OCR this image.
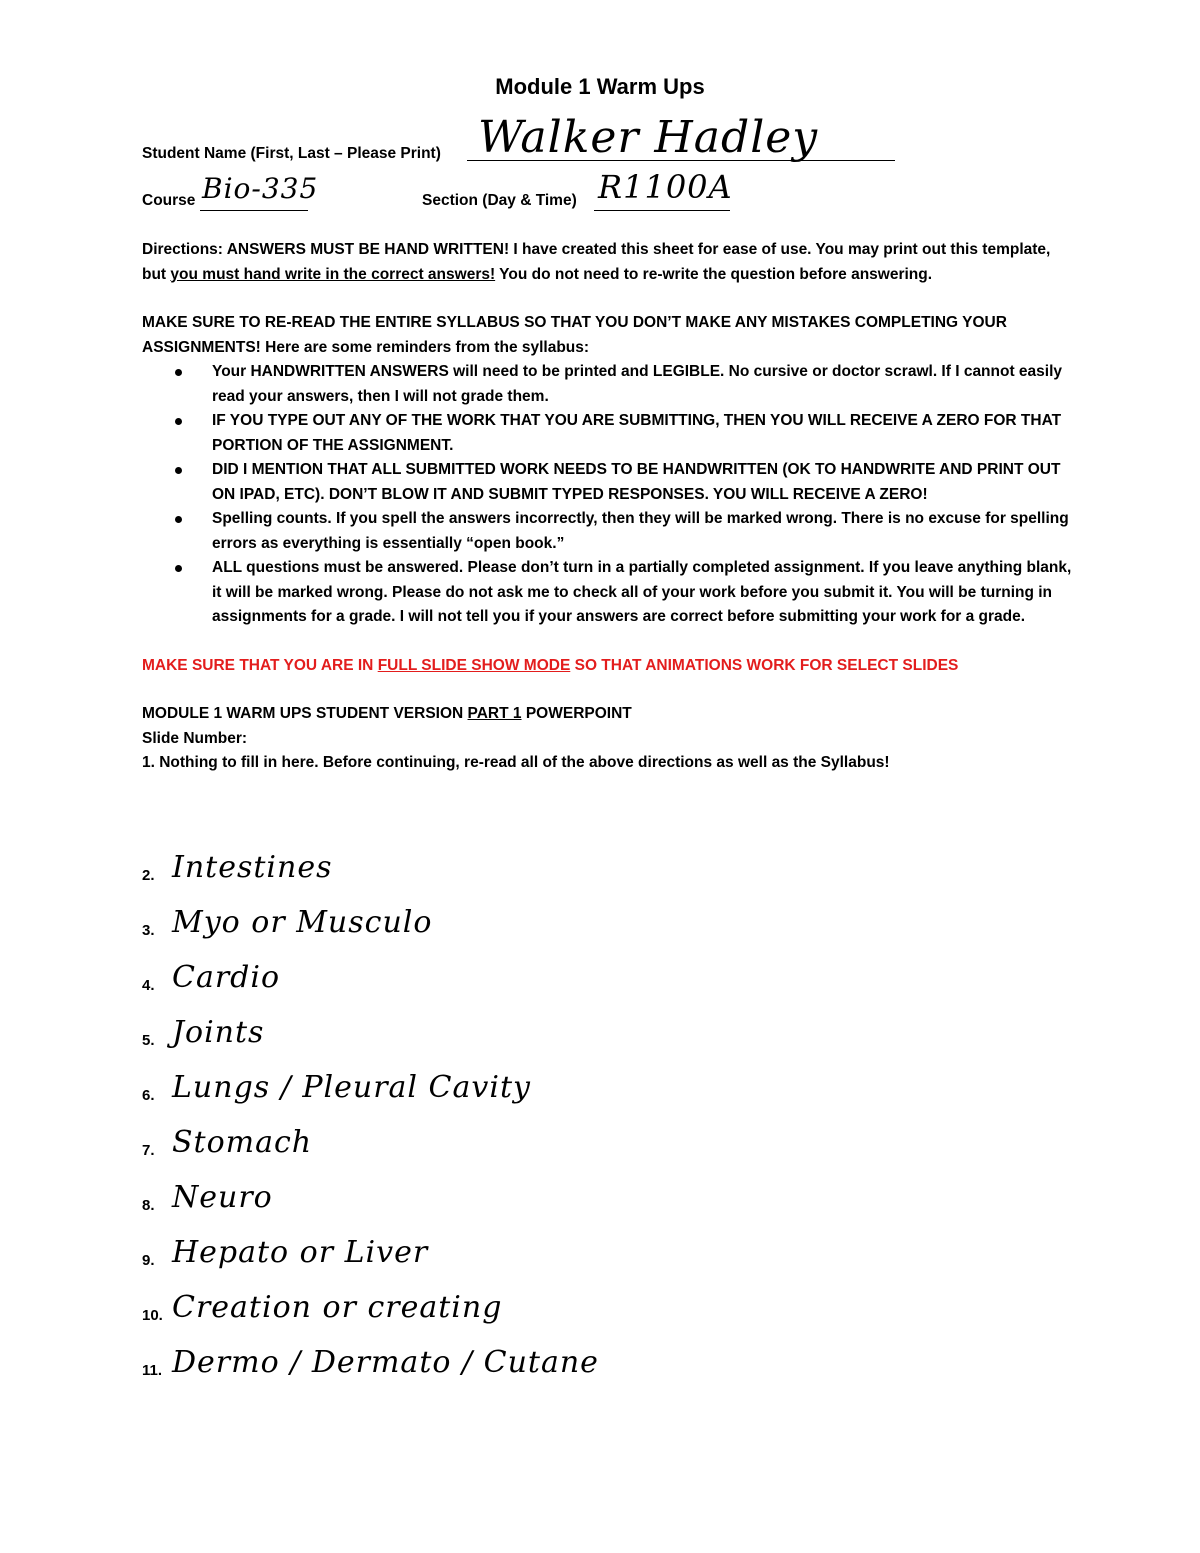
Module 1 Warm Ups
Student Name (First, Last – Please Print) Walker Hadley
Course Bio-335	Section (Day & Time) R1100A

Directions: ANSWERS MUST BE HAND WRITTEN! I have created this sheet for ease of use. You may print out this template, but you must hand write in the correct answers! You do not need to re-write the question before answering.

MAKE SURE TO RE-READ THE ENTIRE SYLLABUS SO THAT YOU DON’T MAKE ANY MISTAKES COMPLETING YOUR ASSIGNMENTS! Here are some reminders from the syllabus:

Your HANDWRITTEN ANSWERS will need to be printed and LEGIBLE. No cursive or doctor scrawl. If I cannot easily read your answers, then I will not grade them.
IF YOU TYPE OUT ANY OF THE WORK THAT YOU ARE SUBMITTING, THEN YOU WILL RECEIVE A ZERO FOR THAT PORTION OF THE ASSIGNMENT.
DID I MENTION THAT ALL SUBMITTED WORK NEEDS TO BE HANDWRITTEN (OK TO HANDWRITE AND PRINT OUT ON IPAD, ETC). DON’T BLOW IT AND SUBMIT TYPED RESPONSES. YOU WILL RECEIVE A ZERO!
Spelling counts. If you spell the answers incorrectly, then they will be marked wrong. There is no excuse for spelling errors as everything is essentially “open book.”
ALL questions must be answered. Please don’t turn in a partially completed assignment. If you leave anything blank, it will be marked wrong. Please do not ask me to check all of your work before you submit it. You will be turning in assignments for a grade. I will not tell you if your answers are correct before submitting your work for a grade.

MAKE SURE THAT YOU ARE IN FULL SLIDE SHOW MODE SO THAT ANIMATIONS WORK FOR SELECT SLIDES

MODULE 1 WARM UPS STUDENT VERSION PART 1 POWERPOINT

Slide Number:
1. Nothing to fill in here. Before continuing, re-read all of the above directions as well as the Syllabus!
2. Intestines
3. Myo or Musculo
4. Cardio
5. Joints
6. Lungs / Pleural Cavity
7. Stomach
8. Neuro
9. Hepato or Liver
10. Creation or creating
11. Dermo / Dermato / Cutane
